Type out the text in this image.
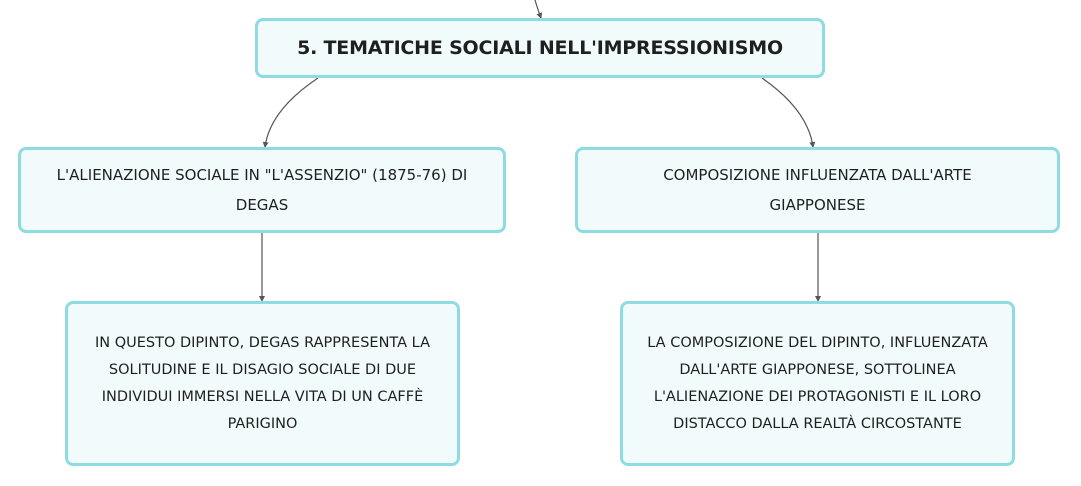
5. TEMATICHE SOCIALI NELL'IMPRESSIONISMO
L'ALIENAZIONE SOCIALE IN "L'ASSENZIO" (1875-76) DI DEGAS
COMPOSIZIONE INFLUENZATA DALL'ARTE GIAPPONESE
IN QUESTO DIPINTO, DEGAS RAPPRESENTA LA SOLITUDINE E IL DISAGIO SOCIALE DI DUE INDIVIDUI IMMERSI NELLA VITA DI UN CAFFÈ PARIGINO
LA COMPOSIZIONE DEL DIPINTO, INFLUENZATA DALL'ARTE GIAPPONESE, SOTTOLINEA L'ALIENAZIONE DEI PROTAGONISTI E IL LORO DISTACCO DALLA REALTÀ CIRCOSTANTE
